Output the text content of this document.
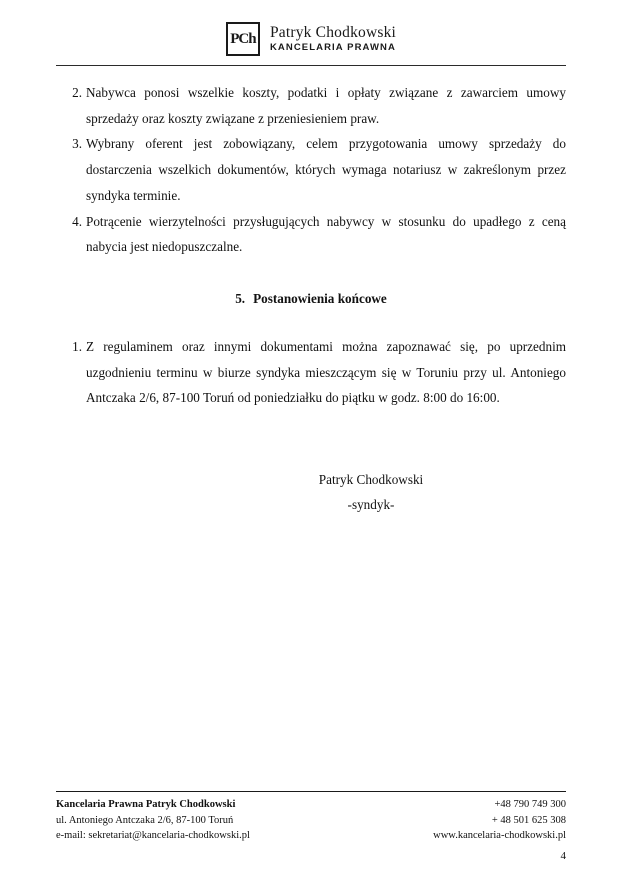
PCh Patryk Chodkowski
KANCELARIA PRAWNA
2. Nabywca ponosi wszelkie koszty, podatki i opłaty związane z zawarciem umowy sprzedaży oraz koszty związane z przeniesieniem praw.
3. Wybrany oferent jest zobowiązany, celem przygotowania umowy sprzedaży do dostarczenia wszelkich dokumentów, których wymaga notariusz w zakreślonym przez syndyka terminie.
4. Potrącenie wierzytelności przysługujących nabywcy w stosunku do upadłego z ceną nabycia jest niedopuszczalne.
5. Postanowienia końcowe
1. Z regulaminem oraz innymi dokumentami można zapoznawać się, po uprzednim uzgodnieniu terminu w biurze syndyka mieszczącym się w Toruniu przy ul. Antoniego Antczaka 2/6, 87-100 Toruń od poniedziałku do piątku w godz. 8:00 do 16:00.
Patryk Chodkowski
-syndyk-
Kancelaria Prawna Patryk Chodkowski
ul. Antoniego Antczaka 2/6, 87-100 Toruń
e-mail: sekretariat@kancelaria-chodkowski.pl
+48 790 749 300
+ 48 501 625 308
www.kancelaria-chodkowski.pl
4
